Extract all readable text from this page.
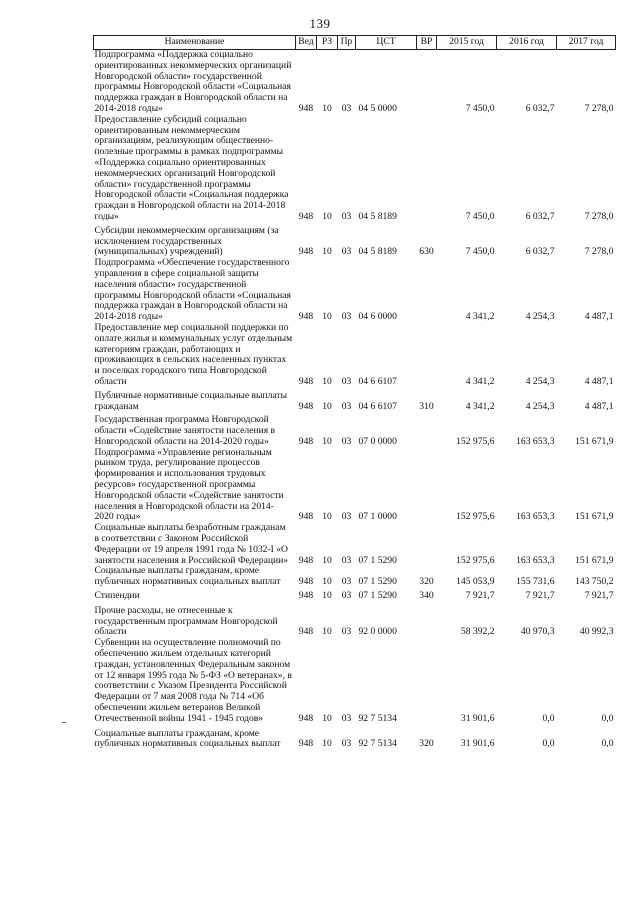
139
Наименование	Вед	РЗ	Пр	ЦСТ	ВР	2015 год	2016 год	2017 год
Подпрограмма «Поддержка социально ориентированных некоммерческих организаций Новгородской области» государственной программы Новгородской области «Социальная поддержка граждан в Новгородской области на 2014-2018 годы»	948	10	03	04 5 0000		7 450,0	6 032,7	7 278,0
Предоставление субсидий социально ориентированным некоммерческим организациям, реализующим общественно-полезные программы в рамках подпрограммы «Поддержка социально ориентированных некоммерческих организаций Новгородской области» государственной программы Новгородской области «Социальная поддержка граждан в Новгородской области на 2014-2018 годы»	948	10	03	04 5 8189		7 450,0	6 032,7	7 278,0
Субсидии некоммерческим организациям (за исключением государственных (муниципальных) учреждений)	948	10	03	04 5 8189	630	7 450,0	6 032,7	7 278,0
Подпрограмма «Обеспечение государственного управления в сфере социальной защиты населения области» государственной программы Новгородской области «Социальная поддержка граждан в Новгородской области на 2014-2018 годы»	948	10	03	04 6 0000		4 341,2	4 254,3	4 487,1
Предоставление мер социальной поддержки по оплате жилья и коммунальных услуг отдельным категориям граждан, работающих и проживающих в сельских населенных пунктах и поселках городского типа Новгородской области	948	10	03	04 6 6107		4 341,2	4 254,3	4 487,1
Публичные нормативные социальные выплаты гражданам	948	10	03	04 6 6107	310	4 341,2	4 254,3	4 487,1
Государственная программа Новгородской области «Содействие занятости населения в Новгородской области на 2014-2020 годы»	948	10	03	07 0 0000		152 975,6	163 653,3	151 671,9
Подпрограмма «Управление региональным рынком труда, регулирование процессов формирования и использования трудовых ресурсов» государственной программы Новгородской области «Содействие занятости населения в Новгородской области на 2014-2020 годы»	948	10	03	07 1 0000		152 975,6	163 653,3	151 671,9
Социальные выплаты безработным гражданам в соответствии с Законом Российской Федерации от 19 апреля 1991 года № 1032-I «О занятости населения в Российской Федерации»	948	10	03	07 1 5290		152 975,6	163 653,3	151 671,9
Социальные выплаты гражданам, кроме публичных нормативных социальных выплат	948	10	03	07 1 5290	320	145 053,9	155 731,6	143 750,2
Стипендии	948	10	03	07 1 5290	340	7 921,7	7 921,7	7 921,7
Прочие расходы, не отнесенные к государственным программам Новгородской области	948	10	03	92 0 0000		58 392,2	40 970,3	40 992,3
Субвенции на осуществление полномочий по обеспечению жильем отдельных категорий граждан, установленных Федеральным законом от 12 января 1995 года № 5-ФЗ «О ветеранах», в соответствии с Указом Президента Российской Федерации от 7 мая 2008 года № 714 «Об обеспечении жильем ветеранов Великой Отечественной войны 1941 - 1945 годов»	948	10	03	92 7 5134		31 901,6	0,0	0,0
Социальные выплаты гражданам, кроме публичных нормативных социальных выплат	948	10	03	92 7 5134	320	31 901,6	0,0	0,0
